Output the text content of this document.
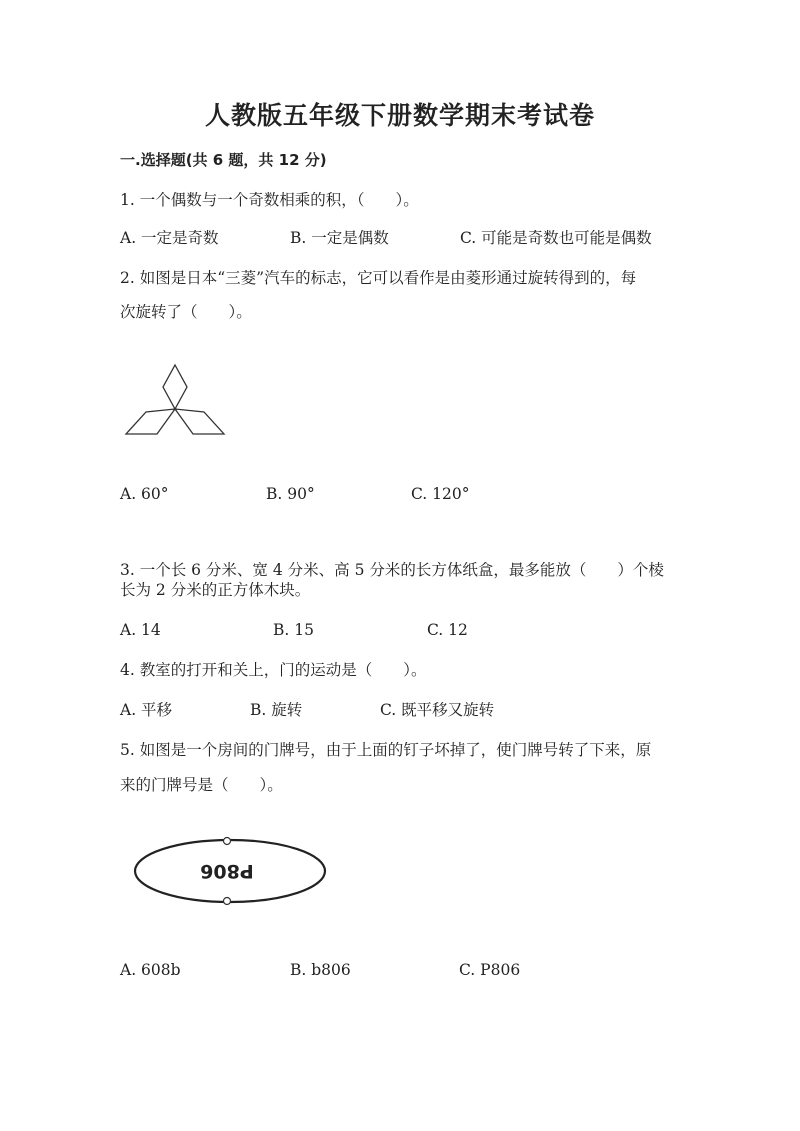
人教版五年级下册数学期末考试卷
一.选择题(共 6 题，共 12 分)
1. 一个偶数与一个奇数相乘的积，（　　）。
A. 一定是奇数	B. 一定是偶数	C. 可能是奇数也可能是偶数
2. 如图是日本“三菱”汽车的标志，它可以看作是由菱形通过旋转得到的，每
次旋转了（　　）。
A. 60°	B. 90°	C. 120°
3. 一个长 6 分米、宽 4 分米、高 5 分米的长方体纸盒，最多能放（　　）个棱
长为 2 分米的正方体木块。
A. 14	B. 15	C. 12
4. 教室的打开和关上，门的运动是（　　）。
A. 平移	B. 旋转	C. 既平移又旋转
5. 如图是一个房间的门牌号，由于上面的钉子坏掉了，使门牌号转了下来，原
来的门牌号是（　　）。
P806
A. 608b	B. b806	C. P806
